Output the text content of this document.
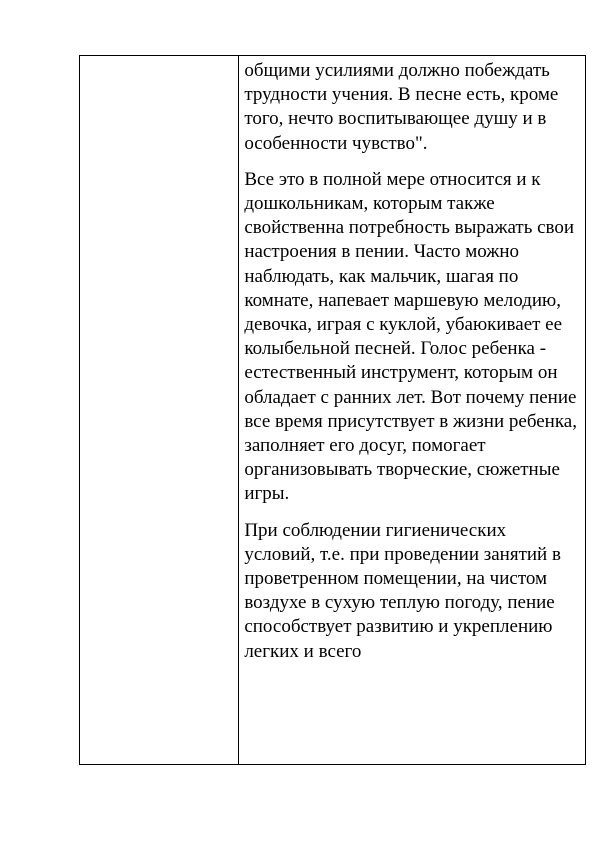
общими усилиями должно побеждать трудности учения. В песне есть, кроме того, нечто воспитывающее душу и в особенности чувство".

Все это в полной мере относится и к дошкольникам, которым также свойственна потребность выражать свои настроения в пении. Часто можно наблюдать, как мальчик, шагая по комнате, напевает маршевую мелодию, девочка, играя с куклой, убаюкивает ее колыбельной песней. Голос ребенка - естественный инструмент, которым он обладает с ранних лет. Вот почему пение все время присутствует в жизни ребенка, заполняет его досуг, помогает организовывать творческие, сюжетные игры.

При соблюдении гигиенических условий, т.е. при проведении занятий в проветренном помещении, на чистом воздухе в сухую теплую погоду, пение способствует развитию и укреплению легких и всего
